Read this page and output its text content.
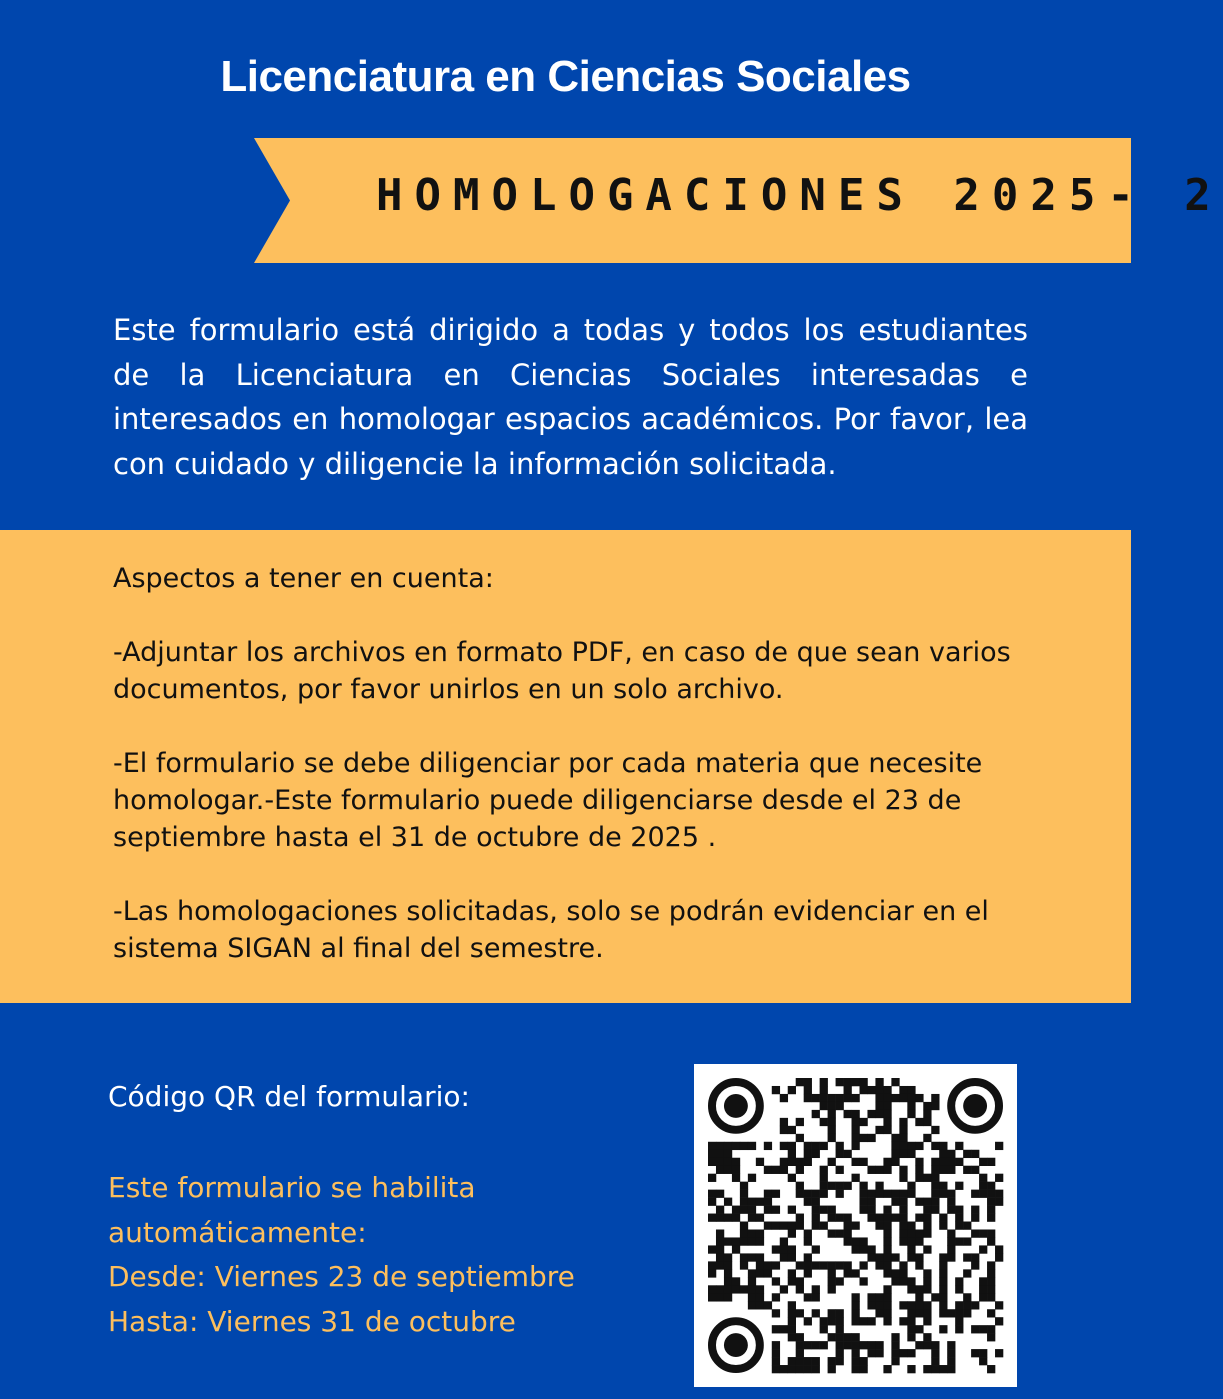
Licenciatura en Ciencias Sociales
HOMOLOGACIONES 2025- 2

Este formulario está dirigido a todas y todos los estudiantes de la Licenciatura en Ciencias Sociales interesadas e interesados en homologar espacios académicos. Por favor, lea con cuidado y diligencie la información solicitada.

Aspectos a tener en cuenta:

-Adjuntar los archivos en formato PDF, en caso de que sean varios documentos, por favor unirlos en un solo archivo.

-El formulario se debe diligenciar por cada materia que necesite homologar.-Este formulario puede diligenciarse desde el 23 de septiembre hasta el 31 de octubre de 2025 .

-Las homologaciones solicitadas, solo se podrán evidenciar en el sistema SIGAN al final del semestre.

Código QR del formulario:
Este formulario se habilita
automáticamente:
Desde: Viernes 23 de septiembre
Hasta: Viernes 31 de octubre
